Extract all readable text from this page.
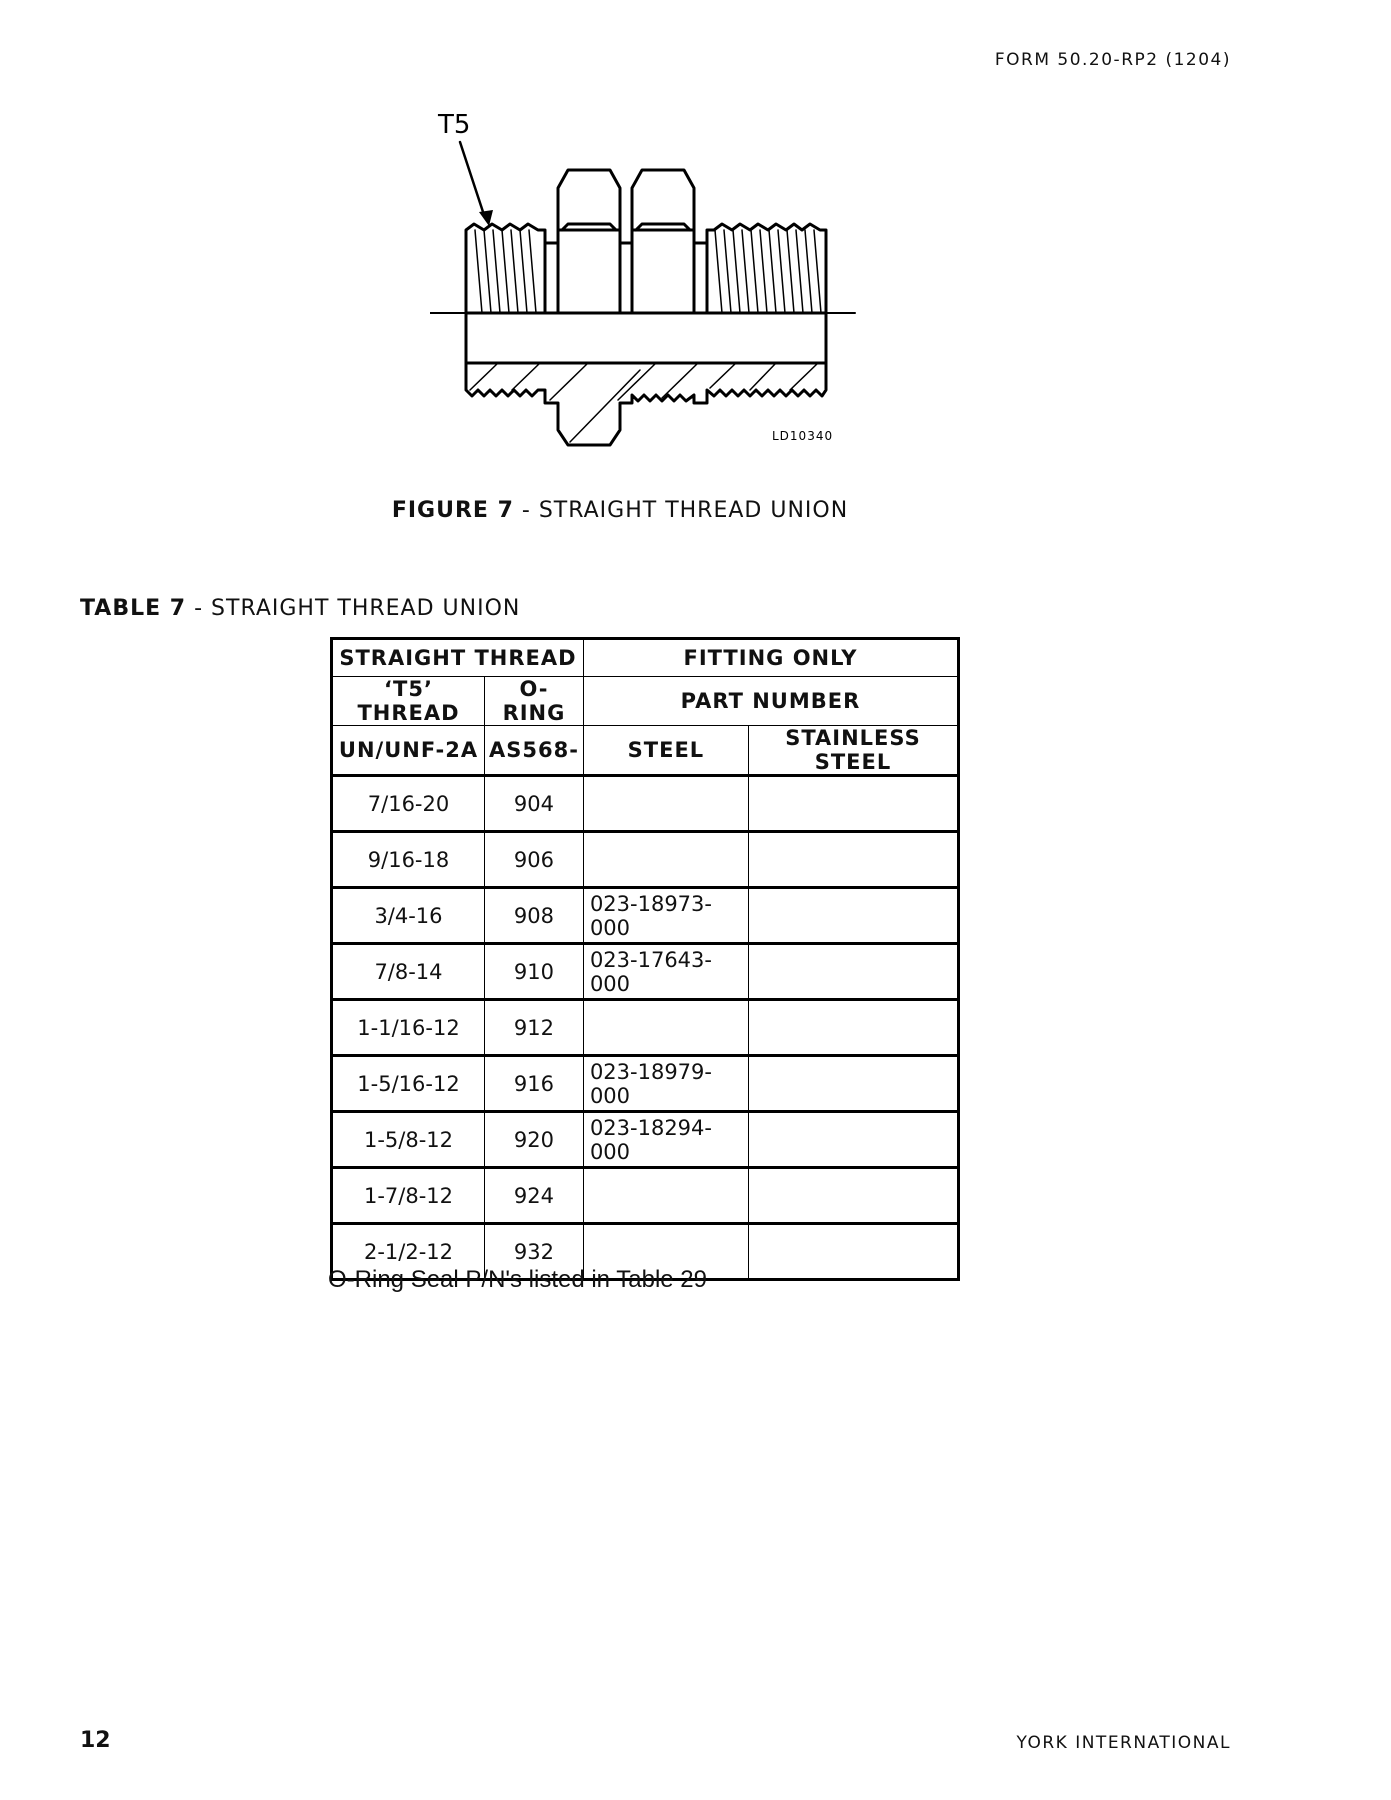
FORM 50.20-RP2 (1204)
T5
LD10340
FIGURE 7 - STRAIGHT THREAD UNION
TABLE 7 - STRAIGHT THREAD UNION
STRAIGHT THREAD		FITTING ONLY	
‘T5’ THREAD	O-RING	PART NUMBER	
UN/UNF-2A	AS568-	STEEL	STAINLESS STEEL
7/16-20	904		
9/16-18	906		
3/4-16	908	023-18973-000	
7/8-14	910	023-17643-000	
1-1/16-12	912		
1-5/16-12	916	023-18979-000	
1-5/8-12	920	023-18294-000	
1-7/8-12	924		
2-1/2-12	932		
O-Ring Seal P/N's listed in Table 29
12	YORK INTERNATIONAL
